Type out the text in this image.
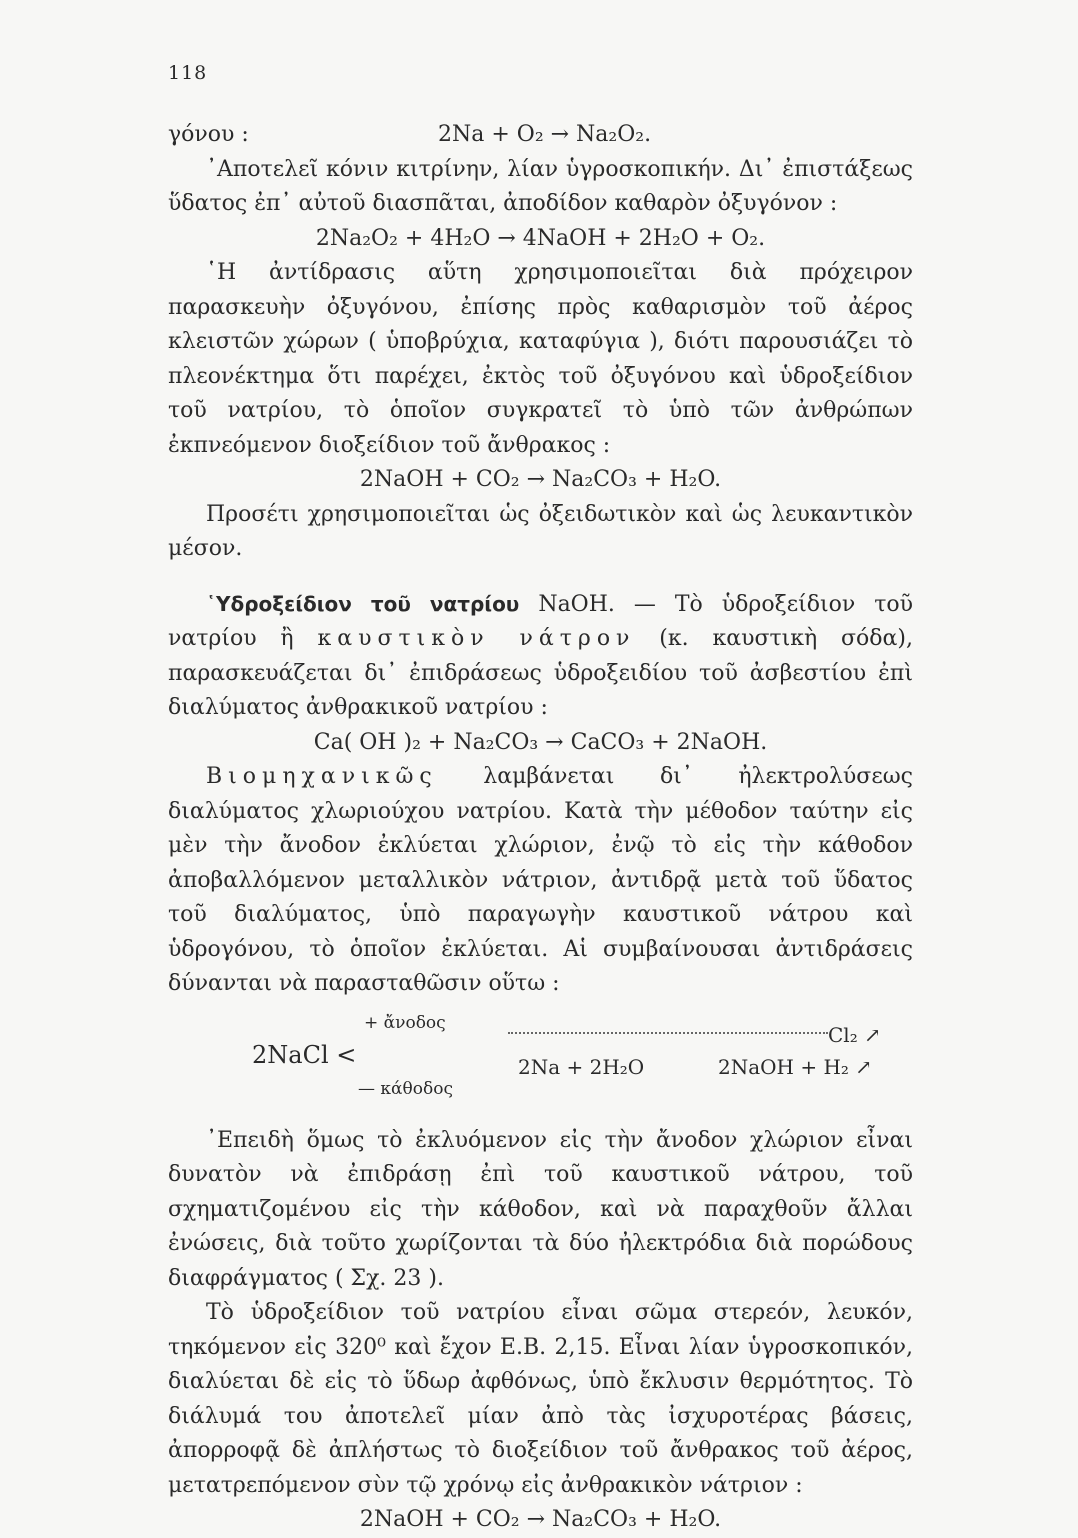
118
γόνου :	2Na + O₂ → Na₂O₂.

᾿Αποτελεῖ κόνιν κιτρίνην, λίαν ὑγροσκοπικήν. Δι᾿ ἐπιστάξεως ὕδατος ἐπ᾿ αὐτοῦ διασπᾶται, ἀποδίδον καθαρὸν ὀξυγόνον :

2Na₂O₂ + 4H₂O → 4NaOH + 2H₂O + O₂.

῾Η ἀντίδρασις αὕτη χρησιμοποιεῖται διὰ πρόχειρον παρασκευὴν ὀξυγόνου, ἐπίσης πρὸς καθαρισμὸν τοῦ ἀέρος κλειστῶν χώρων ( ὑποβρύχια, καταφύγια ), διότι παρουσιάζει τὸ πλεονέκτημα ὅτι παρέχει, ἐκτὸς τοῦ ὀξυγόνου καὶ ὑδροξείδιον τοῦ νατρίου, τὸ ὁποῖον συγκρατεῖ τὸ ὑπὸ τῶν ἀνθρώπων ἐκπνεόμενον διοξείδιον τοῦ ἄνθρακος :

2NaOH + CO₂ → Na₂CO₃ + H₂O.

Προσέτι χρησιμοποιεῖται ὡς ὀξειδωτικὸν καὶ ὡς λευκαντικὸν μέσον.

῾Υδροξείδιον τοῦ νατρίου NaOH. — Τὸ ὑδροξείδιον τοῦ νατρίου ἢ καυστικὸν νάτρον (κ. καυστικὴ σόδα), παρασκευάζεται δι᾿ ἐπιδράσεως ὑδροξειδίου τοῦ ἀσβεστίου ἐπὶ διαλύματος ἀνθρακικοῦ νατρίου :

Ca( OH )₂ + Na₂CO₃ → CaCO₃ + 2NaOH.

Βιομηχανικῶς λαμβάνεται δι᾿ ἠλεκτρολύσεως διαλύματος χλωριούχου νατρίου. Κατὰ τὴν μέθοδον ταύτην εἰς μὲν τὴν ἄνοδον ἐκλύεται χλώριον, ἐνῷ τὸ εἰς τὴν κάθοδον ἀποβαλλόμενον μεταλλικὸν νάτριον, ἀντιδρᾷ μετὰ τοῦ ὕδατος τοῦ διαλύματος, ὑπὸ παραγωγὴν καυστικοῦ νάτρου καὶ ὑδρογόνου, τὸ ὁποῖον ἐκλύεται. Αἱ συμβαίνουσαι ἀντιδράσεις δύνανται νὰ παρασταθῶσιν οὕτω :

2NaCl <
+ ἄνοδος
— κάθοδος
Cl₂ ↗
2Na + 2H₂O	2NaOH + H₂ ↗

᾿Επειδὴ ὅμως τὸ ἐκλυόμενον εἰς τὴν ἄνοδον χλώριον εἶναι δυνατὸν νὰ ἐπιδράσῃ ἐπὶ τοῦ καυστικοῦ νάτρου, τοῦ σχηματιζομένου εἰς τὴν κάθοδον, καὶ νὰ παραχθοῦν ἄλλαι ἐνώσεις, διὰ τοῦτο χωρίζονται τὰ δύο ἠλεκτρόδια διὰ πορώδους διαφράγματος ( Σχ. 23 ).

Τὸ ὑδροξείδιον τοῦ νατρίου εἶναι σῶμα στερεόν, λευκόν, τηκόμενον εἰς 320⁰ καὶ ἔχον Ε.Β. 2,15. Εἶναι λίαν ὑγροσκοπικόν, διαλύεται δὲ εἰς τὸ ὕδωρ ἀφθόνως, ὑπὸ ἔκλυσιν θερμότητος. Τὸ διάλυμά του ἀποτελεῖ μίαν ἀπὸ τὰς ἰσχυροτέρας βάσεις, ἀπορροφᾷ δὲ ἀπλήστως τὸ διοξείδιον τοῦ ἄνθρακος τοῦ ἀέρος, μετατρεπόμενον σὺν τῷ χρόνῳ εἰς ἀνθρακικὸν νάτριον :

2NaOH + CO₂ → Na₂CO₃ + H₂O.
